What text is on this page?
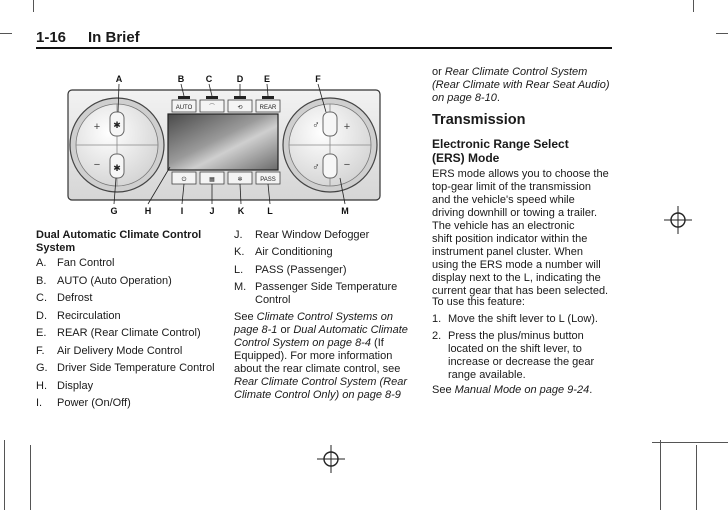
1-16 In Brief
✱
✱
+
−
♂
♂
+
−
AUTO	⌒	⟲	REAR
⏻	▦	✲	PASS
A	B C	D E	F
G	H	I	J	K	L	M
Dual Automatic Climate Control
System
A. Fan Control
B. AUTO (Auto Operation)
C. Defrost
D. Recirculation
E. REAR (Rear Climate Control)
F. Air Delivery Mode Control
G. Driver Side Temperature Control
H. Display
I. Power (On/Off)
J. Rear Window Defogger
K. Air Conditioning
L. PASS (Passenger)
M. Passenger Side Temperature
Control
See Climate Control Systems on
page 8-1 or Dual Automatic Climate
Control System on page 8-4 (If
Equipped). For more information
about the rear climate control, see
Rear Climate Control System (Rear
Climate Control Only) on page 8-9
or Rear Climate Control System
(Rear Climate with Rear Seat Audio)
on page 8-10.
Transmission
Electronic Range Select
(ERS) Mode
ERS mode allows you to choose the
top-gear limit of the transmission
and the vehicle's speed while
driving downhill or towing a trailer.
The vehicle has an electronic
shift position indicator within the
instrument panel cluster. When
using the ERS mode a number will
display next to the L, indicating the
current gear that has been selected.
To use this feature:
1. Move the shift lever to L (Low).
2. Press the plus/minus button
located on the shift lever, to
increase or decrease the gear
range available.
See Manual Mode on page 9-24.
